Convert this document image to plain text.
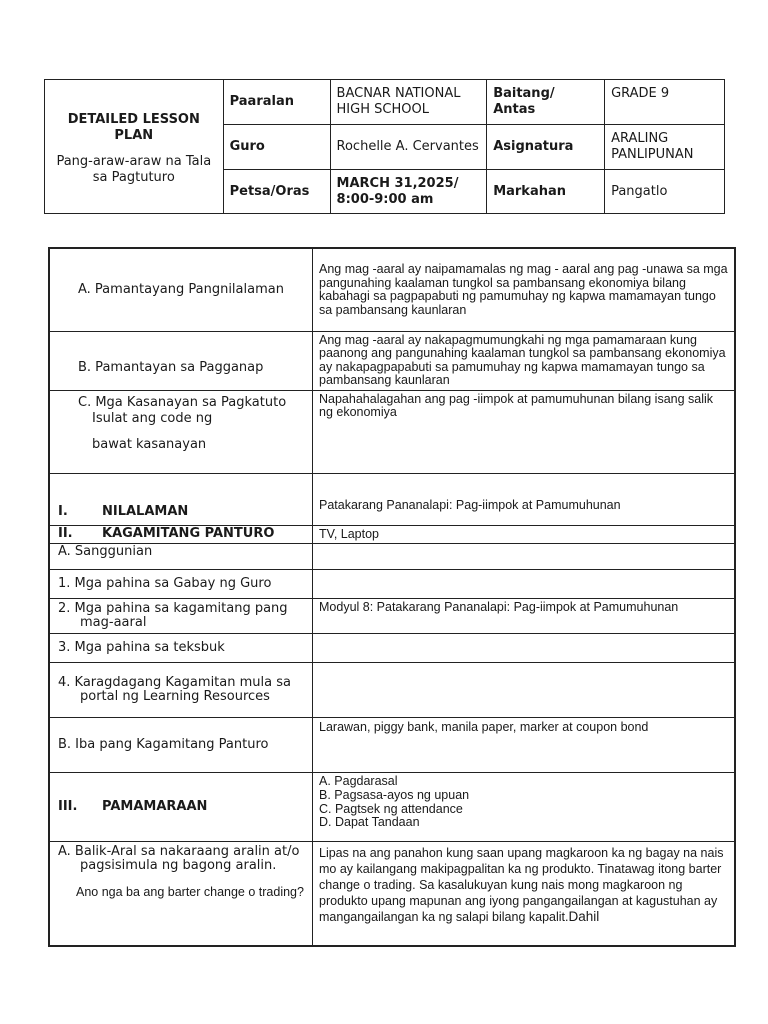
DETAILED LESSON PLAN
Pang-araw-araw na Tala sa Pagtuturo	Paaralan	BACNAR NATIONAL HIGH SCHOOL	Baitang/ Antas	GRADE 9
	Guro	Rochelle A. Cervantes	Asignatura	ARALING PANLIPUNAN
	Petsa/Oras	MARCH 31,2025/ 8:00-9:00 am	Markahan	Pangatlo
A. Pamantayang Pangnilalaman	Ang mag -aaral ay naipamamalas ng mag - aaral ang pag -unawa sa mga pangunahing kaalaman tungkol sa pambansang ekonomiya bilang kabahagi sa pagpapabuti ng pamumuhay ng kapwa mamamayan tungo sa pambansang kaunlaran

B. Pamantayan sa Pagganap	Ang mag -aaral ay nakapagmumungkahi ng mga pamamaraan kung paanong ang pangunahing kaalaman tungkol sa pambansang ekonomiya ay nakapagpapabuti sa pamumuhay ng kapwa mamamayan tungo sa pambansang kaunlaran

C. Mga Kasanayan sa Pagkatuto
Isulat ang code ng
bawat kasanayan	Napahahalagahan ang pag -iimpok at pamumuhunan bilang isang salik ng ekonomiya
I. NILALAMAN	Patakarang Pananalapi: Pag-iimpok at Pamumuhunan
II. KAGAMITANG PANTURO	TV, Laptop
A. Sanggunian	
1. Mga pahina sa Gabay ng Guro	

2. Mga pahina sa kagamitang pang mag-aaral	Modyul 8: Patakarang Pananalapi: Pag-iimpok at Pamumuhunan
3. Mga pahina sa teksbuk	

4. Karagdagang Kagamitan mula sa portal ng Learning Resources	

B. Iba pang Kagamitang Panturo	Larawan, piggy bank, manila paper, marker at coupon bond
III. PAMAMARAAN	A. Pagdarasal
B. Pagsasa-ayos ng upuan
C. Pagtsek ng attendance
D. Dapat Tandaan

A. Balik-Aral sa nakaraang aralin at/o pagsisimula ng bagong aralin.
Ano nga ba ang barter change o trading?	Lipas na ang panahon kung saan upang magkaroon ka ng bagay na nais mo ay kailangang makipagpalitan ka ng produkto. Tinatawag itong barter change o trading. Sa kasalukuyan kung nais mong magkaroon ng produkto upang mapunan ang iyong pangangailangan at kagustuhan ay mangangailangan ka ng salapi bilang kapalit.Dahil
